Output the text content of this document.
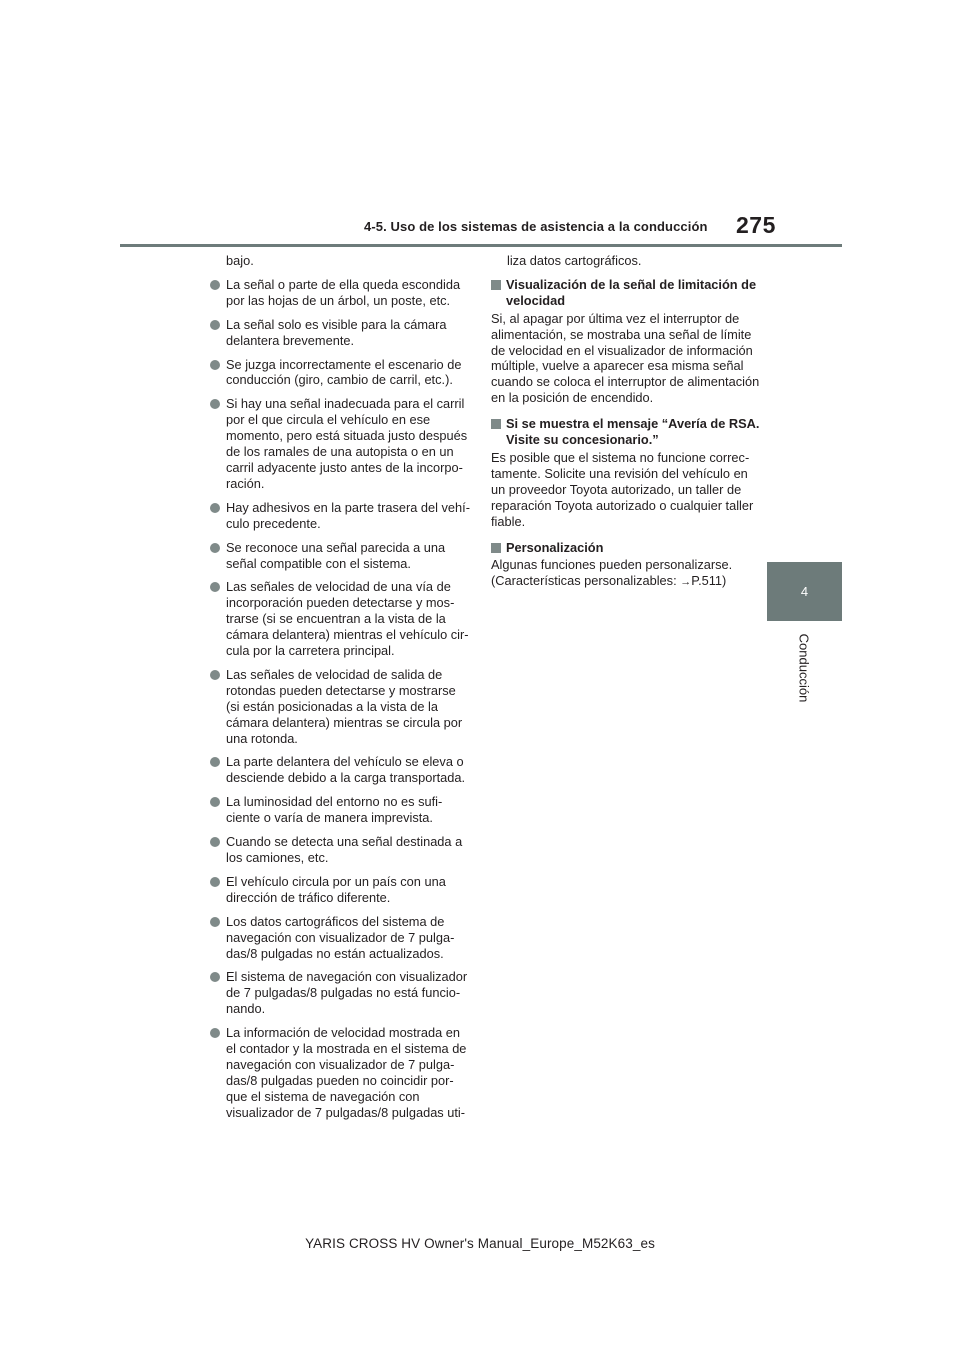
4-5. Uso de los sistemas de asistencia a la conducción 275
4
Conducción
bajo.
La señal o parte de ella queda escondida por las hojas de un árbol, un poste, etc.
La señal solo es visible para la cámara delantera brevemente.
Se juzga incorrectamente el escenario de conducción (giro, cambio de carril, etc.).
Si hay una señal inadecuada para el carril por el que circula el vehículo en ese momento, pero está situada justo después de los ramales de una autopista o en un carril adyacente justo antes de la incorpo-ración.
Hay adhesivos en la parte trasera del vehí-culo precedente.
Se reconoce una señal parecida a una señal compatible con el sistema.
Las señales de velocidad de una vía de incorporación pueden detectarse y mos-trarse (si se encuentran a la vista de la cámara delantera) mientras el vehículo cir-cula por la carretera principal.
Las señales de velocidad de salida de rotondas pueden detectarse y mostrarse (si están posicionadas a la vista de la cámara delantera) mientras se circula por una rotonda.
La parte delantera del vehículo se eleva o desciende debido a la carga transportada.
La luminosidad del entorno no es sufi-ciente o varía de manera imprevista.
Cuando se detecta una señal destinada a los camiones, etc.
El vehículo circula por un país con una dirección de tráfico diferente.
Los datos cartográficos del sistema de navegación con visualizador de 7 pulga-das/8 pulgadas no están actualizados.
El sistema de navegación con visualizador de 7 pulgadas/8 pulgadas no está funcio-nando.
La información de velocidad mostrada en el contador y la mostrada en el sistema de navegación con visualizador de 7 pulga-das/8 pulgadas pueden no coincidir por-que el sistema de navegación con visualizador de 7 pulgadas/8 pulgadas uti-
liza datos cartográficos.
Visualización de la señal de limitación de velocidad
Si, al apagar por última vez el interruptor de alimentación, se mostraba una señal de límite de velocidad en el visualizador de información múltiple, vuelve a aparecer esa misma señal cuando se coloca el interruptor de alimentación en la posición de encendido.
Si se muestra el mensaje “Avería de RSA. Visite su concesionario.”
Es posible que el sistema no funcione correc-tamente. Solicite una revisión del vehículo en un proveedor Toyota autorizado, un taller de reparación Toyota autorizado o cualquier taller fiable.
Personalización
Algunas funciones pueden personalizarse. (Características personalizables: →P.511)
YARIS CROSS HV Owner's Manual_Europe_M52K63_es
